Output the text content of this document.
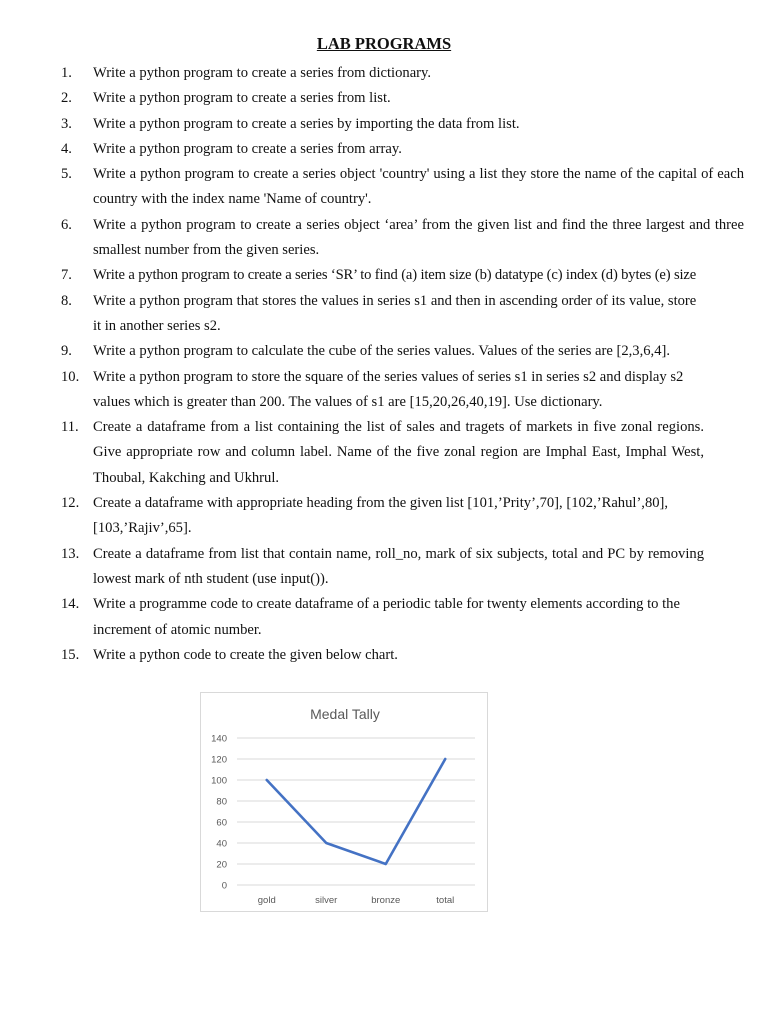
LAB PROGRAMS
1.	Write a python program to create a series from dictionary.
2.	Write a python program to create a series from list.
3.	Write a python program to create a series by importing the data from list.
4.	Write a python program to create a series from array.
5.	Write a python program to create a series object 'country' using a list they store the name of the capital of each country with the index name 'Name of country'.
6.	Write a python program to create a series object ‘area’ from the given list and find the three largest and three smallest number from the given series.
7.	Write a python program to create a series ‘SR’ to find (a) item size (b) datatype (c) index (d) bytes (e) size
8.	Write a python program that stores the values in series s1 and then in ascending order of its value, store it in another series s2.
9.	Write a python program to calculate the cube of the series values. Values of the series are [2,3,6,4].
10. Write a python program to store the square of the series values of series s1 in series s2 and display s2 values which is greater than 200. The values of s1 are [15,20,26,40,19]. Use dictionary.
11. Create a dataframe from a list containing the list of sales and tragets of markets in five zonal regions. Give appropriate row and column label. Name of the five zonal region are Imphal East, Imphal West, Thoubal, Kakching and Ukhrul.
12. Create a dataframe with appropriate heading from the given list [101,’Prity’,70], [102,’Rahul’,80], [103,’Rajiv’,65].
13. Create a dataframe from list that contain name, roll_no, mark of six subjects, total and PC by removing lowest mark of nth student (use input()).
14. Write a programme code to create dataframe of a periodic table for twenty elements according to the increment of atomic number.
15. Write a python code to create the given below chart.
Medal Tally
0
20
40
60
80
100
120
140
gold	silver	bronze	total
